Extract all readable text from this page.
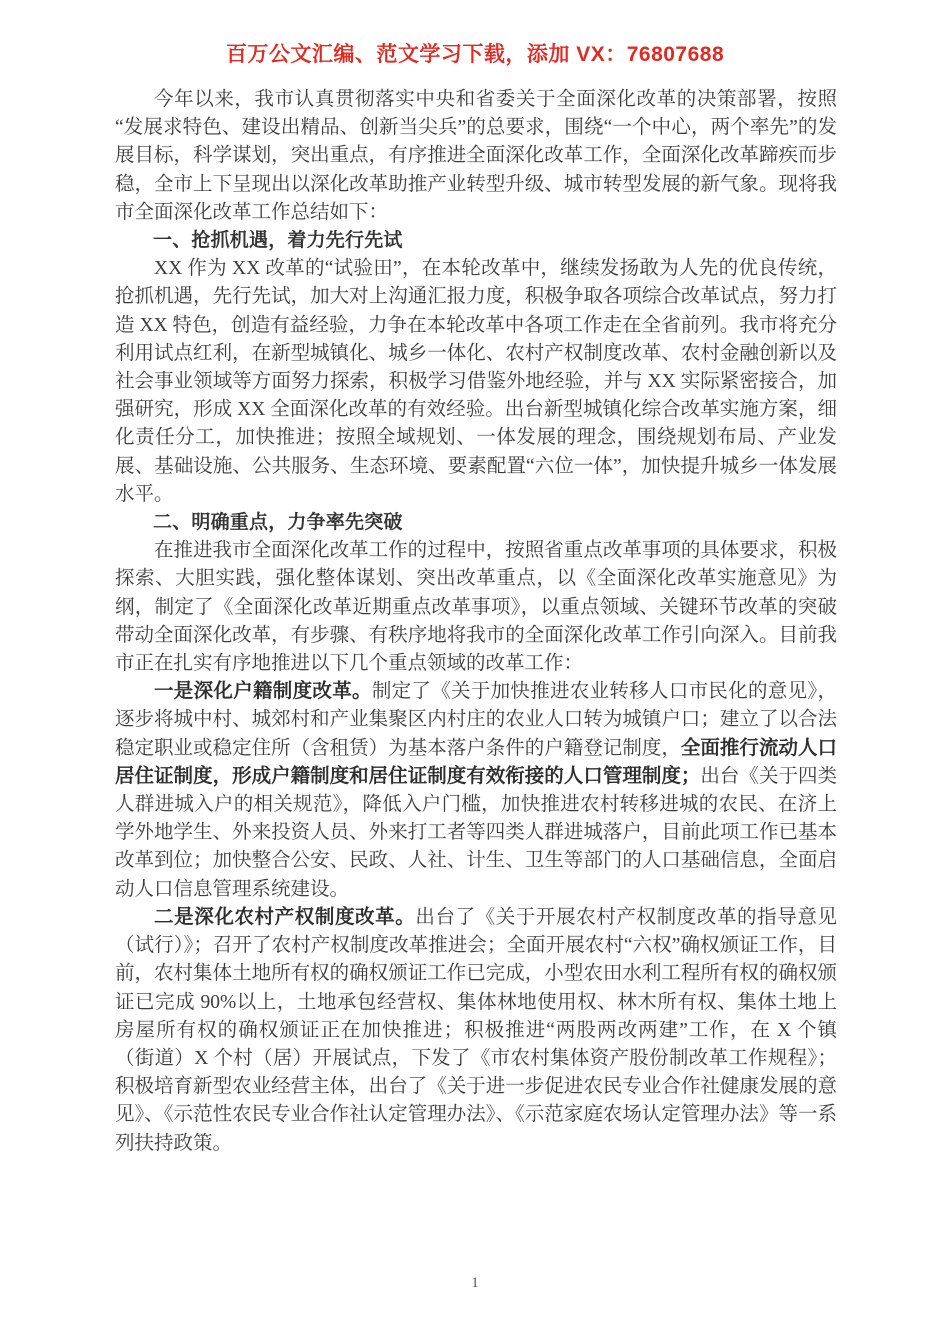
百万公文汇编、范文学习下载，添加 VX：76807688

今年以来，我市认真贯彻落实中央和省委关于全面深化改革的决策部署，按照“发展求特色、建设出精品、创新当尖兵”的总要求，围绕“一个中心，两个率先”的发展目标，科学谋划，突出重点，有序推进全面深化改革工作，全面深化改革蹄疾而步稳，全市上下呈现出以深化改革助推产业转型升级、城市转型发展的新气象。现将我市全面深化改革工作总结如下：

一、抢抓机遇，着力先行先试

XX 作为 XX 改革的“试验田”，在本轮改革中，继续发扬敢为人先的优良传统，抢抓机遇，先行先试，加大对上沟通汇报力度，积极争取各项综合改革试点，努力打造 XX 特色，创造有益经验，力争在本轮改革中各项工作走在全省前列。我市将充分利用试点红利，在新型城镇化、城乡一体化、农村产权制度改革、农村金融创新以及社会事业领域等方面努力探索，积极学习借鉴外地经验，并与 XX 实际紧密接合，加强研究，形成 XX 全面深化改革的有效经验。出台新型城镇化综合改革实施方案，细化责任分工，加快推进；按照全域规划、一体发展的理念，围绕规划布局、产业发展、基础设施、公共服务、生态环境、要素配置“六位一体”，加快提升城乡一体发展水平。

二、明确重点，力争率先突破

在推进我市全面深化改革工作的过程中，按照省重点改革事项的具体要求，积极探索、大胆实践，强化整体谋划、突出改革重点，以《全面深化改革实施意见》为纲，制定了《全面深化改革近期重点改革事项》，以重点领域、关键环节改革的突破带动全面深化改革，有步骤、有秩序地将我市的全面深化改革工作引向深入。目前我市正在扎实有序地推进以下几个重点领域的改革工作：

一是深化户籍制度改革。制定了《关于加快推进农业转移人口市民化的意见》，逐步将城中村、城郊村和产业集聚区内村庄的农业人口转为城镇户口；建立了以合法稳定职业或稳定住所（含租赁）为基本落户条件的户籍登记制度，全面推行流动人口居住证制度，形成户籍制度和居住证制度有效衔接的人口管理制度；出台《关于四类人群进城入户的相关规范》，降低入户门槛，加快推进农村转移进城的农民、在济上学外地学生、外来投资人员、外来打工者等四类人群进城落户，目前此项工作已基本改革到位；加快整合公安、民政、人社、计生、卫生等部门的人口基础信息，全面启动人口信息管理系统建设。

二是深化农村产权制度改革。出台了《关于开展农村产权制度改革的指导意见（试行）》；召开了农村产权制度改革推进会；全面开展农村“六权”确权颁证工作，目前，农村集体土地所有权的确权颁证工作已完成，小型农田水利工程所有权的确权颁证已完成 90%以上，土地承包经营权、集体林地使用权、林木所有权、集体土地上房屋所有权的确权颁证正在加快推进；积极推进“两股两改两建”工作，在 X 个镇（街道）X 个村（居）开展试点，下发了《市农村集体资产股份制改革工作规程》；积极培育新型农业经营主体，出台了《关于进一步促进农民专业合作社健康发展的意见》、《示范性农民专业合作社认定管理办法》、《示范家庭农场认定管理办法》等一系列扶持政策。

1
